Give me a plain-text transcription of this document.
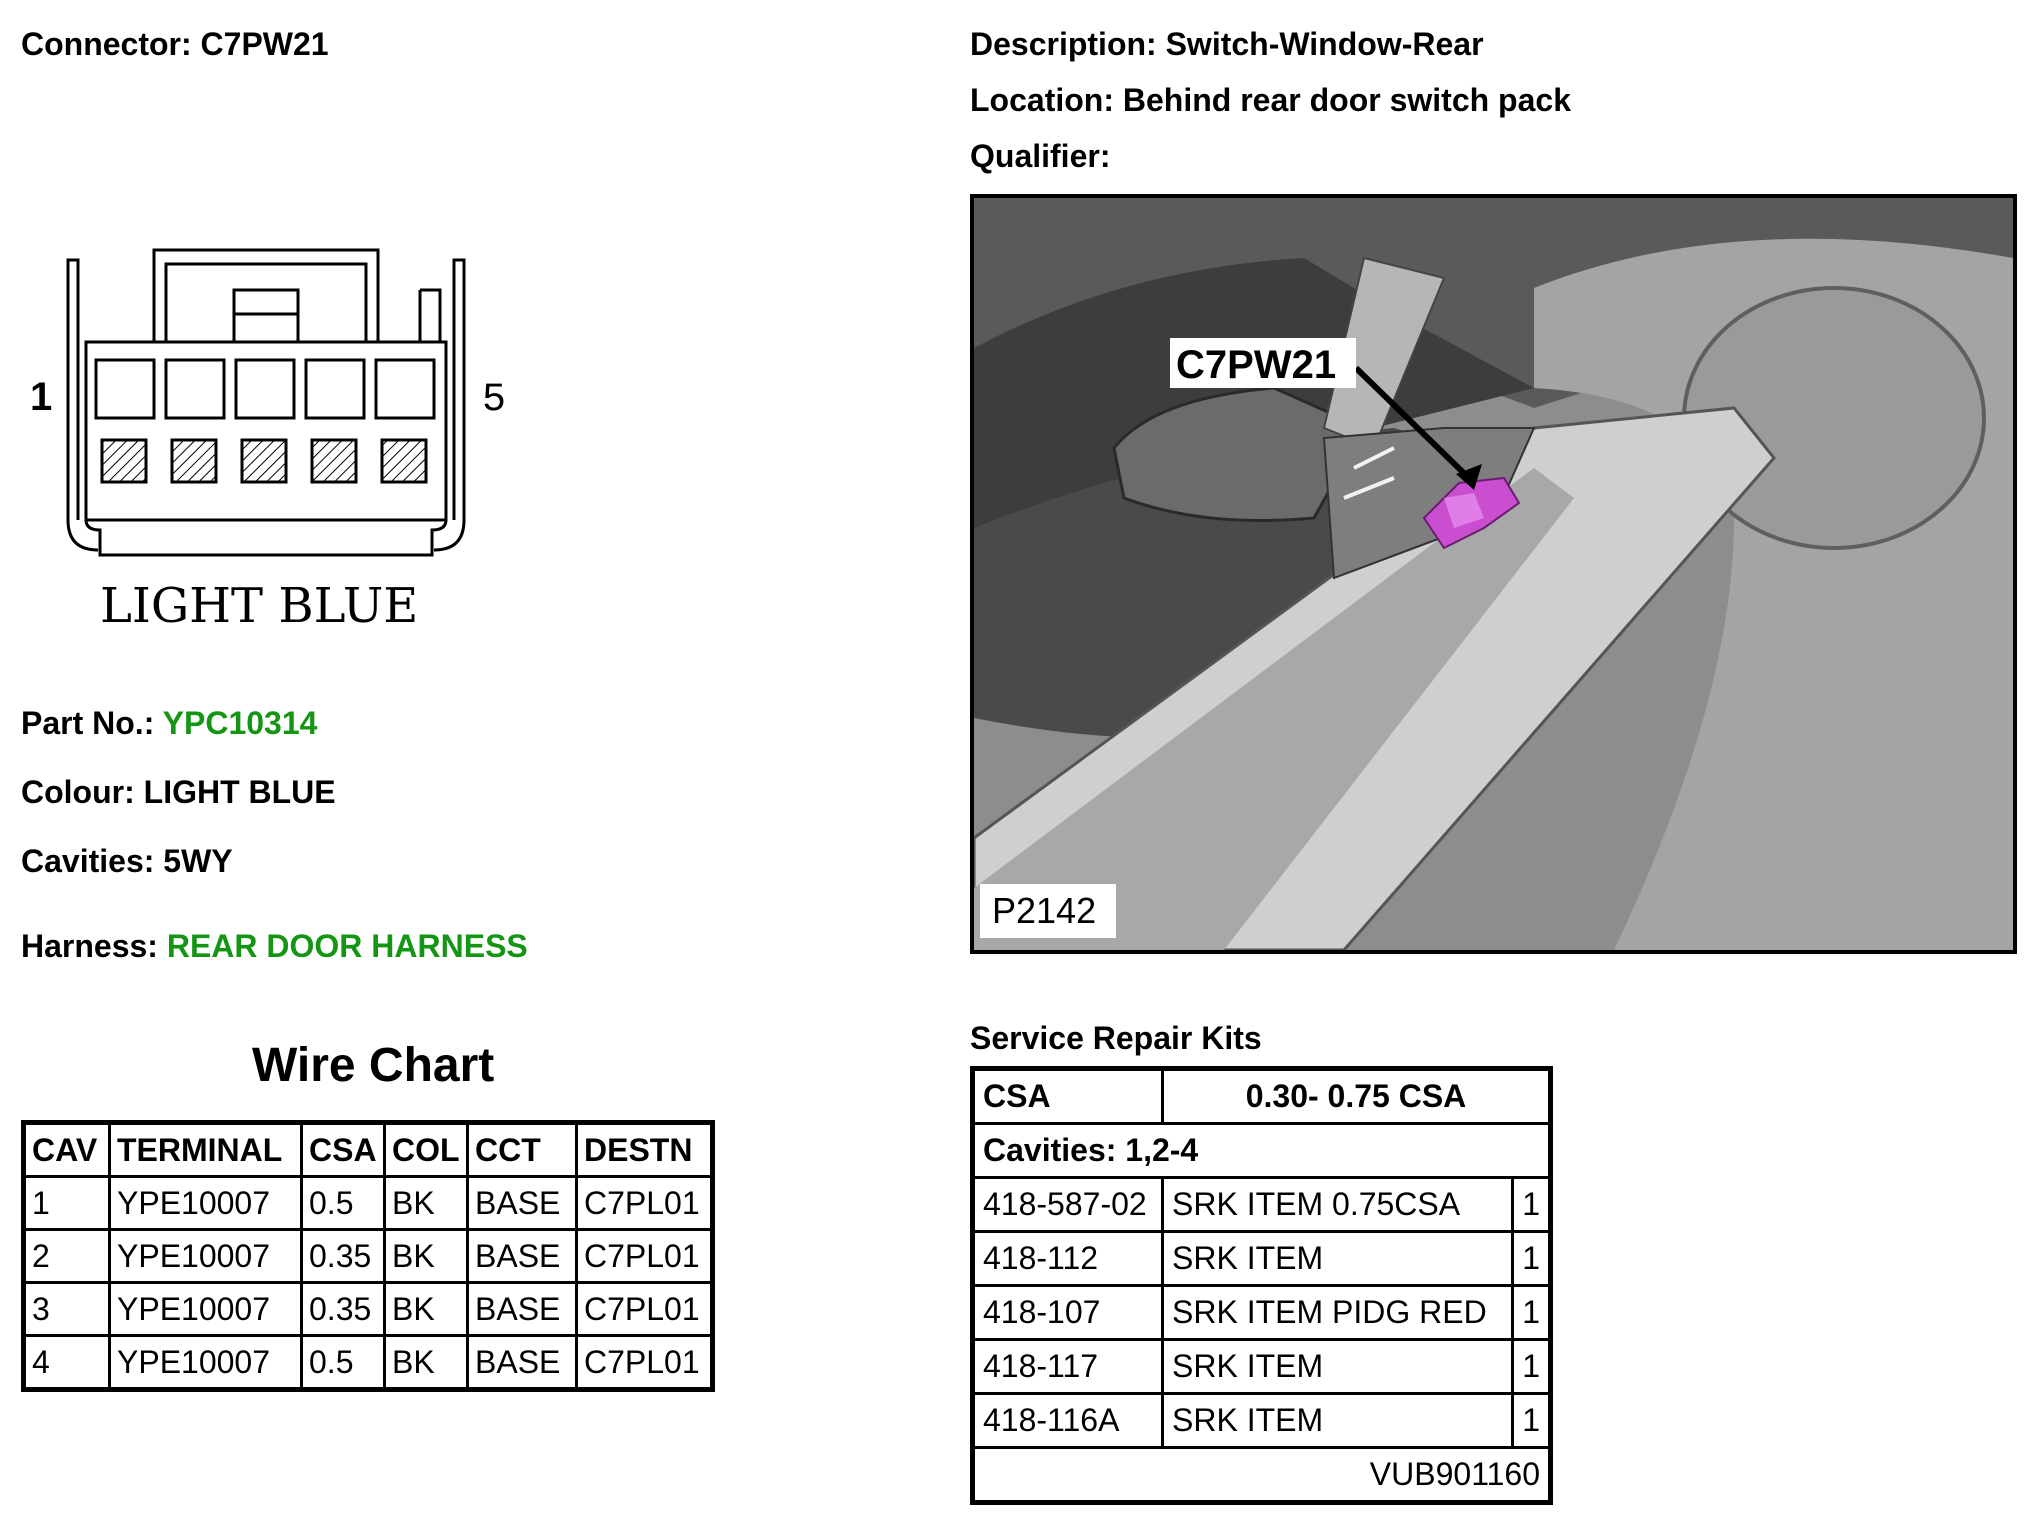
Connector: C7PW21	Description: Switch-Window-Rear
Location: Behind rear door switch pack
Qualifier:
1	5
LIGHT BLUE
Part No.: YPC10314
Colour: LIGHT BLUE
Cavities: 5WY
Harness: REAR DOOR HARNESS
C7PW21
P2142
Wire Chart
CAV	TERMINAL	CSA	COL	CCT	DESTN
1	YPE10007	0.5	BK	BASE	C7PL01
2	YPE10007	0.35	BK	BASE	C7PL01
3	YPE10007	0.35	BK	BASE	C7PL01
4	YPE10007	0.5	BK	BASE	C7PL01
Service Repair Kits
CSA	0.30- 0.75 CSA	
Cavities: 1,2-4		
418-587-02	SRK ITEM 0.75CSA	1
418-112	SRK ITEM	1
418-107	SRK ITEM PIDG RED	1
418-117	SRK ITEM	1
418-116A	SRK ITEM	1
VUB901160		
